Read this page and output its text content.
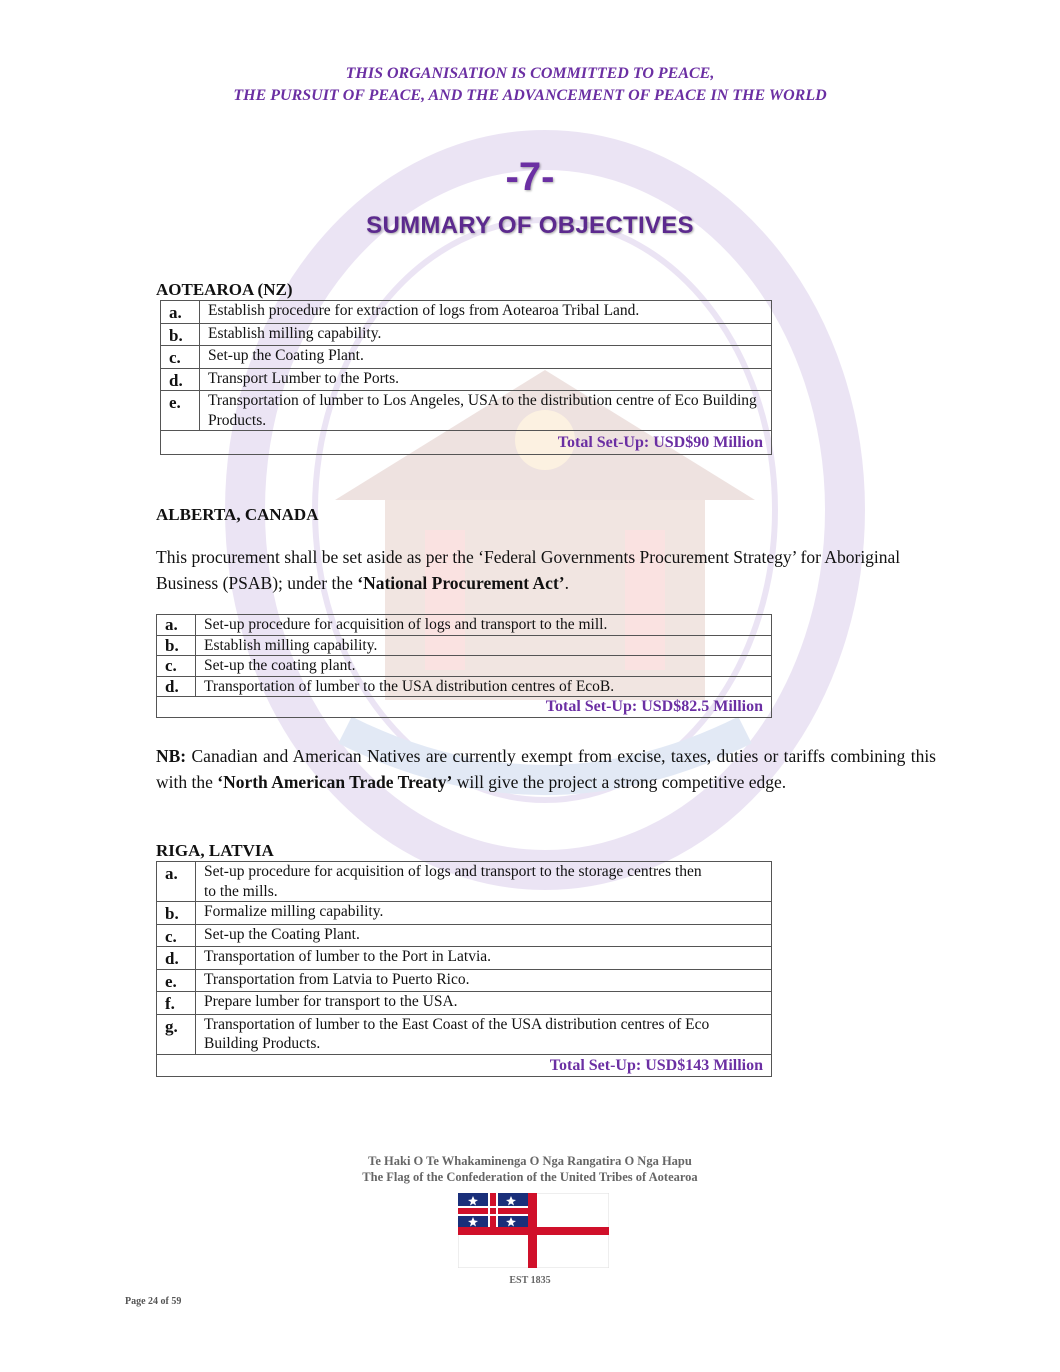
THIS ORGANISATION IS COMMITTED TO PEACE,
THE PURSUIT OF PEACE, AND THE ADVANCEMENT OF PEACE IN THE WORLD
-7-
SUMMARY OF OBJECTIVES
AOTEAROA (NZ)
a.	Establish procedure for extraction of logs from Aotearoa Tribal Land.
b.	Establish milling capability.
c.	Set-up the Coating Plant.
d.	Transport Lumber to the Ports.
e.	Transportation of lumber to Los Angeles, USA to the distribution centre of Eco Building Products.
Total Set-Up: USD$90 Million	
ALBERTA, CANADA
This procurement shall be set aside as per the ‘Federal Governments Procurement Strategy’ for Aboriginal Business (PSAB); under the ‘National Procurement Act’.
a.	Set-up procedure for acquisition of logs and transport to the mill.
b.	Establish milling capability.
c.	Set-up the coating plant.
d.	Transportation of lumber to the USA distribution centres of EcoB.
Total Set-Up: USD$82.5 Million	
NB: Canadian and American Natives are currently exempt from excise, taxes, duties or tariffs combining this with the ‘North American Trade Treaty’ will give the project a strong competitive edge.
RIGA, LATVIA
a.	Set-up procedure for acquisition of logs and transport to the storage centres then to the mills.
b.	Formalize milling capability.
c.	Set-up the Coating Plant.
d.	Transportation of lumber to the Port in Latvia.
e.	Transportation from Latvia to Puerto Rico.
f.	Prepare lumber for transport to the USA.
g.	Transportation of lumber to the East Coast of the USA distribution centres of Eco Building Products.
Total Set-Up: USD$143 Million	
Te Haki O Te Whakaminenga O Nga Rangatira O Nga Hapu
The Flag of the Confederation of the United Tribes of Aotearoa
EST 1835
Page 24 of 59
